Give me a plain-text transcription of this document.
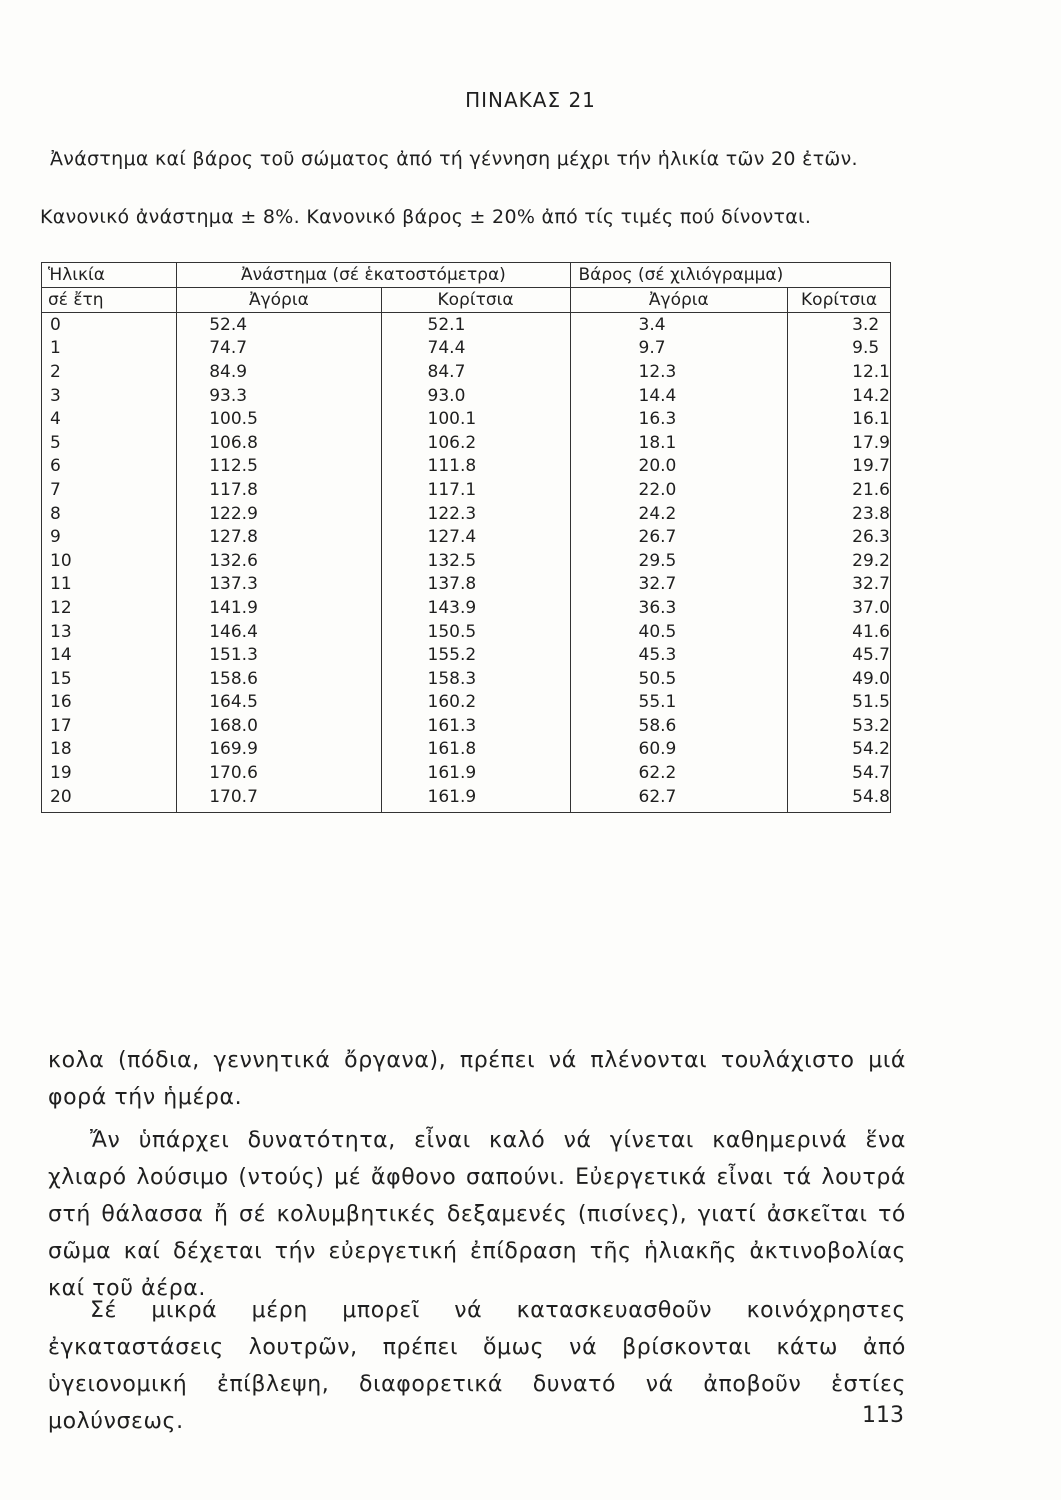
ΠΙΝΑΚΑΣ 21
Ἀνάστημα καί βάρος τοῦ σώματος ἀπό τή γέννηση μέχρι τήν ἡλικία τῶν 20 ἐτῶν.
Κανονικό ἀνάστημα ± 8%. Κανονικό βάρος ± 20% ἀπό τίς τιμές πού δίνονται.
Ἡλικία	Ἀνάστημα (σέ ἑκατοστόμετρα)		Βάρος (σέ χιλιόγραμμα)	
σέ ἔτη	Ἀγόρια	Κορίτσια	Ἀγόρια	Κορίτσια
0	52.4	52.1	3.4	3.2
1	74.7	74.4	9.7	9.5
2	84.9	84.7	12.3	12.1
3	93.3	93.0	14.4	14.2
4	100.5	100.1	16.3	16.1
5	106.8	106.2	18.1	17.9
6	112.5	111.8	20.0	19.7
7	117.8	117.1	22.0	21.6
8	122.9	122.3	24.2	23.8
9	127.8	127.4	26.7	26.3
10	132.6	132.5	29.5	29.2
11	137.3	137.8	32.7	32.7
12	141.9	143.9	36.3	37.0
13	146.4	150.5	40.5	41.6
14	151.3	155.2	45.3	45.7
15	158.6	158.3	50.5	49.0
16	164.5	160.2	55.1	51.5
17	168.0	161.3	58.6	53.2
18	169.9	161.8	60.9	54.2
19	170.6	161.9	62.2	54.7
20	170.7	161.9	62.7	54.8

κολα (πόδια, γεννητικά ὄργανα), πρέπει νά πλένονται τουλάχιστο μιά φορά τήν ἡμέρα.

Ἄν ὑπάρχει δυνατότητα, εἶναι καλό νά γίνεται καθημερινά ἕνα χλιαρό λούσιμο (ντούς) μέ ἄφθονο σαπούνι. Εὐεργετικά εἶναι τά λουτρά στή θάλασσα ἤ σέ κολυμβητικές δεξαμενές (πισίνες), γιατί ἀσκεῖται τό σῶμα καί δέχεται τήν εὐεργετική ἐπίδραση τῆς ἡλιακῆς ἀκτινοβολίας καί τοῦ ἀέρα.

Σέ μικρά μέρη μπορεῖ νά κατασκευασθοῦν κοινόχρηστες ἐγκαταστάσεις λουτρῶν, πρέπει ὅμως νά βρίσκονται κάτω ἀπό ὑγειονομική ἐπίβλεψη, διαφορετικά δυνατό νά ἀποβοῦν ἑστίες μολύνσεως.	113
